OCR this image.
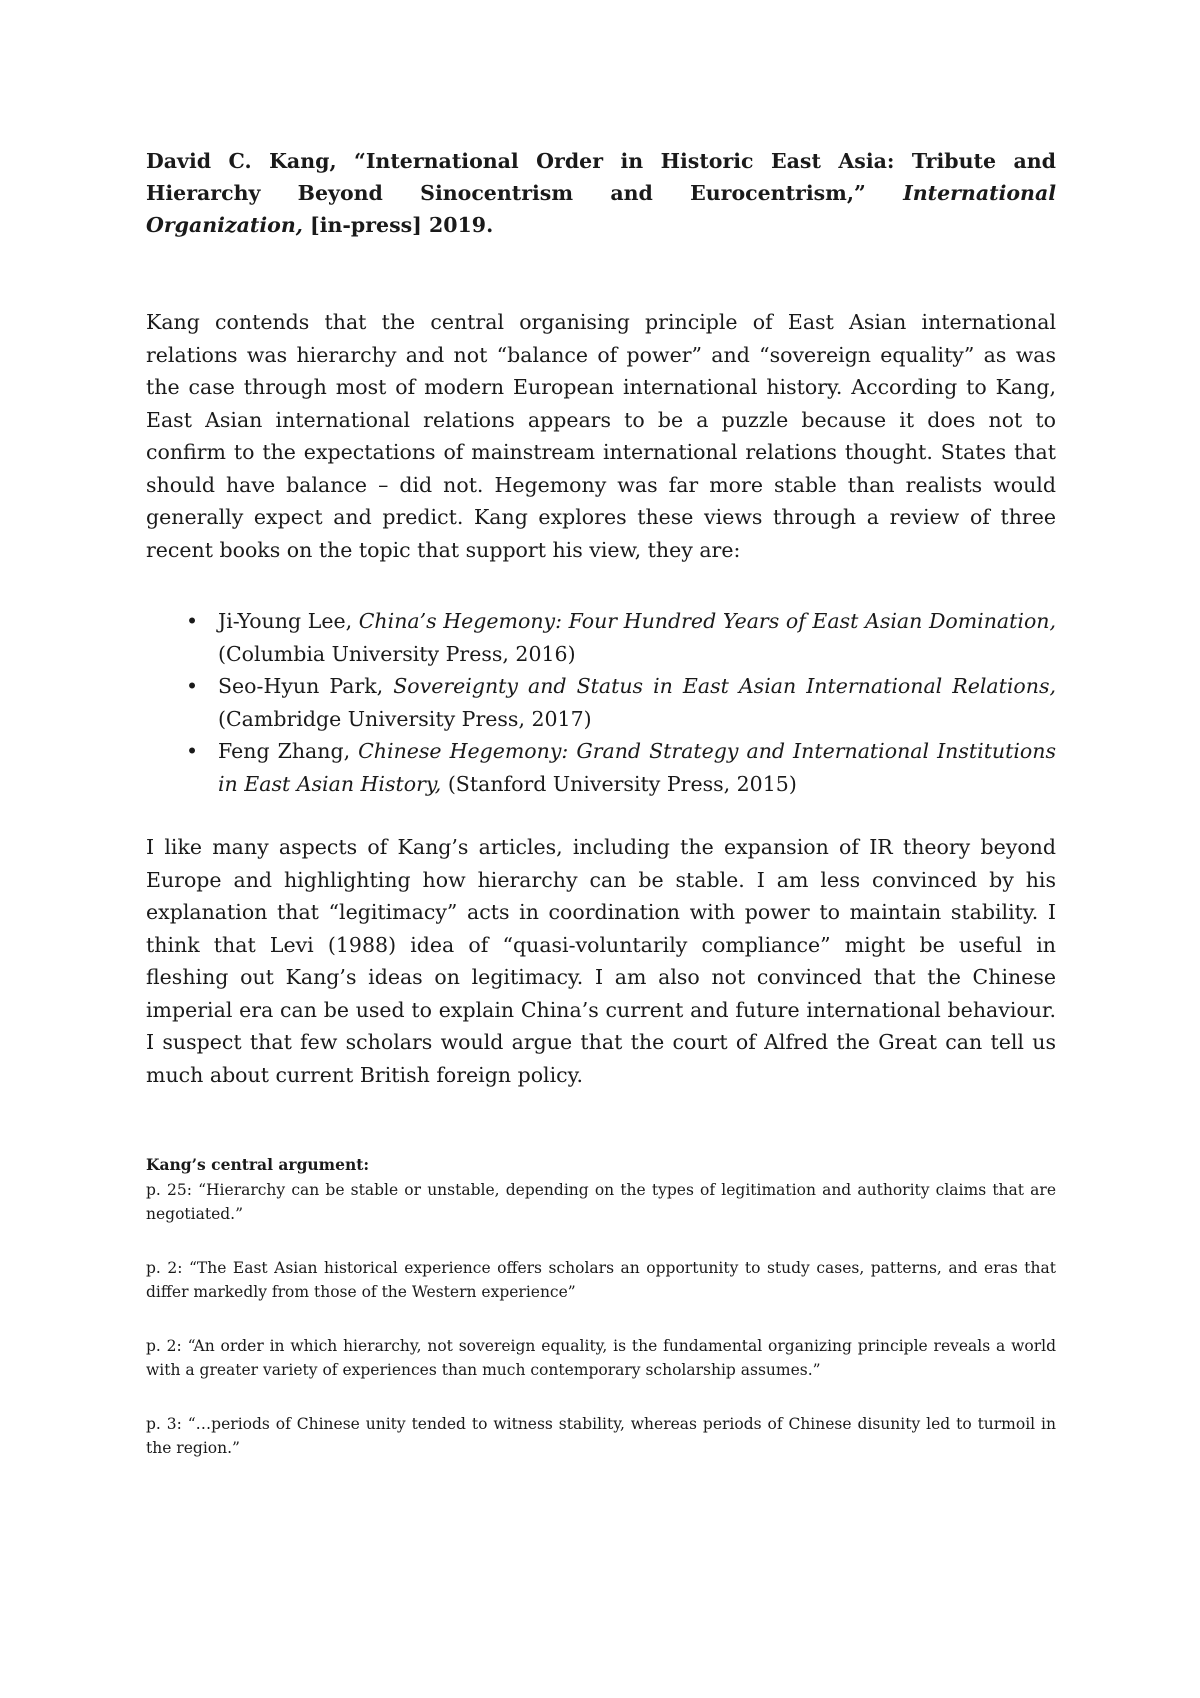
David C. Kang, “International Order in Historic East Asia: Tribute and Hierarchy Beyond Sinocentrism and Eurocentrism,” International Organization, [in-press] 2019.

Kang contends that the central organising principle of East Asian international relations was hierarchy and not “balance of power” and “sovereign equality” as was the case through most of modern European international history. According to Kang, East Asian international relations appears to be a puzzle because it does not to confirm to the expectations of mainstream international relations thought. States that should have balance – did not. Hegemony was far more stable than realists would generally expect and predict. Kang explores these views through a review of three recent books on the topic that support his view, they are:

• Ji-Young Lee, China’s Hegemony: Four Hundred Years of East Asian Domination, (Columbia University Press, 2016)
• Seo-Hyun Park, Sovereignty and Status in East Asian International Relations, (Cambridge University Press, 2017)
• Feng Zhang, Chinese Hegemony: Grand Strategy and International Institutions in East Asian History, (Stanford University Press, 2015)

I like many aspects of Kang’s articles, including the expansion of IR theory beyond Europe and highlighting how hierarchy can be stable. I am less convinced by his explanation that “legitimacy” acts in coordination with power to maintain stability. I think that Levi (1988) idea of “quasi-voluntarily compliance” might be useful in fleshing out Kang’s ideas on legitimacy. I am also not convinced that the Chinese imperial era can be used to explain China’s current and future international behaviour. I suspect that few scholars would argue that the court of Alfred the Great can tell us much about current British foreign policy.

Kang’s central argument:

p. 25: “Hierarchy can be stable or unstable, depending on the types of legitimation and authority claims that are negotiated.”

p. 2: “The East Asian historical experience offers scholars an opportunity to study cases, patterns, and eras that differ markedly from those of the Western experience”

p. 2: “An order in which hierarchy, not sovereign equality, is the fundamental organizing principle reveals a world with a greater variety of experiences than much contemporary scholarship assumes.”

p. 3: “…periods of Chinese unity tended to witness stability, whereas periods of Chinese disunity led to turmoil in the region.”
